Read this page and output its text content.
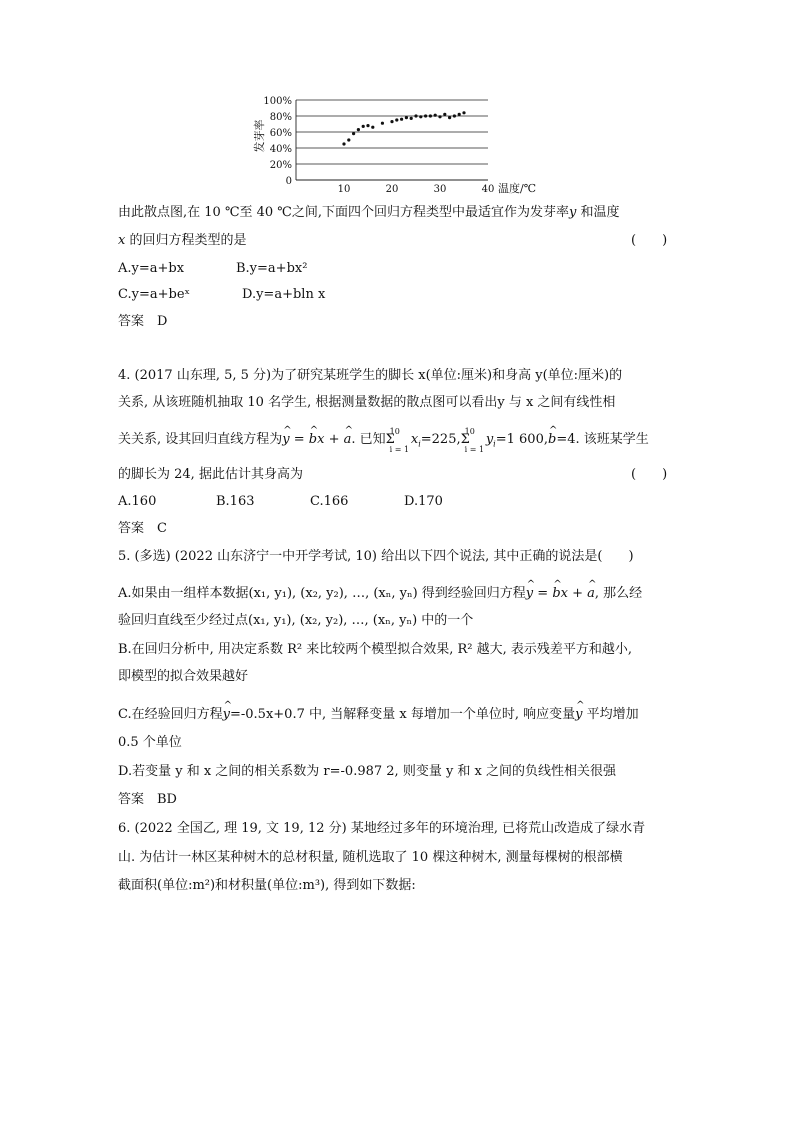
0
20%
40%
60%
80%
100%
10	20	30	40
发芽率
温度/℃
由此散点图,在 10 ℃至 40 ℃之间,下面四个回归方程类型中最适宜作为发芽率y 和温度
x 的回归方程类型的是	(　　)
A.y=a+bx	B.y=a+bx²
C.y=a+beˣ	D.y=a+bln x
答案　D
4. (2017 山东理, 5, 5 分)为了研究某班学生的脚长 x(单位:厘米)和身高 y(单位:厘米)的
关系, 从该班随机抽取 10 名学生, 根据测量数据的散点图可以看出y 与 x 之间有线性相
关关系, 设其回归直线方程为^ y = ^ bx + ^ a. 已知Σ
10
i = 1
$x_i=225,\Sigma$
10
i = 1
$y_i=1$ 600,^ b=4. 该班某学生
的脚长为 24, 据此估计其身高为	(　　)
A.160	B.163	C.166	D.170
答案　C
5. (多选) (2022 山东济宁一中开学考试, 10) 给出以下四个说法, 其中正确的说法是(　　)
A.如果由一组样本数据(x₁, y₁), (x₂, y₂), …, (xₙ, yₙ) 得到经验回归方程^ y = ^ bx + ^ a, 那么经
验回归直线至少经过点(x₁, y₁), (x₂, y₂), …, (xₙ, yₙ) 中的一个
B.在回归分析中, 用决定系数 R² 来比较两个模型拟合效果, R² 越大, 表示残差平方和越小,
即模型的拟合效果越好
C.在经验回归方程^ y=-0.5x+0.7 中, 当解释变量 x 每增加一个单位时, 响应变量^ y 平均增加
0.5 个单位
D.若变量 y 和 x 之间的相关系数为 r=-0.987 2, 则变量 y 和 x 之间的负线性相关很强
答案　BD
6. (2022 全国乙, 理 19, 文 19, 12 分) 某地经过多年的环境治理, 已将荒山改造成了绿水青
山. 为估计一林区某种树木的总材积量, 随机选取了 10 棵这种树木, 测量每棵树的根部横
截面积(单位:m²)和材积量(单位:m³), 得到如下数据:
